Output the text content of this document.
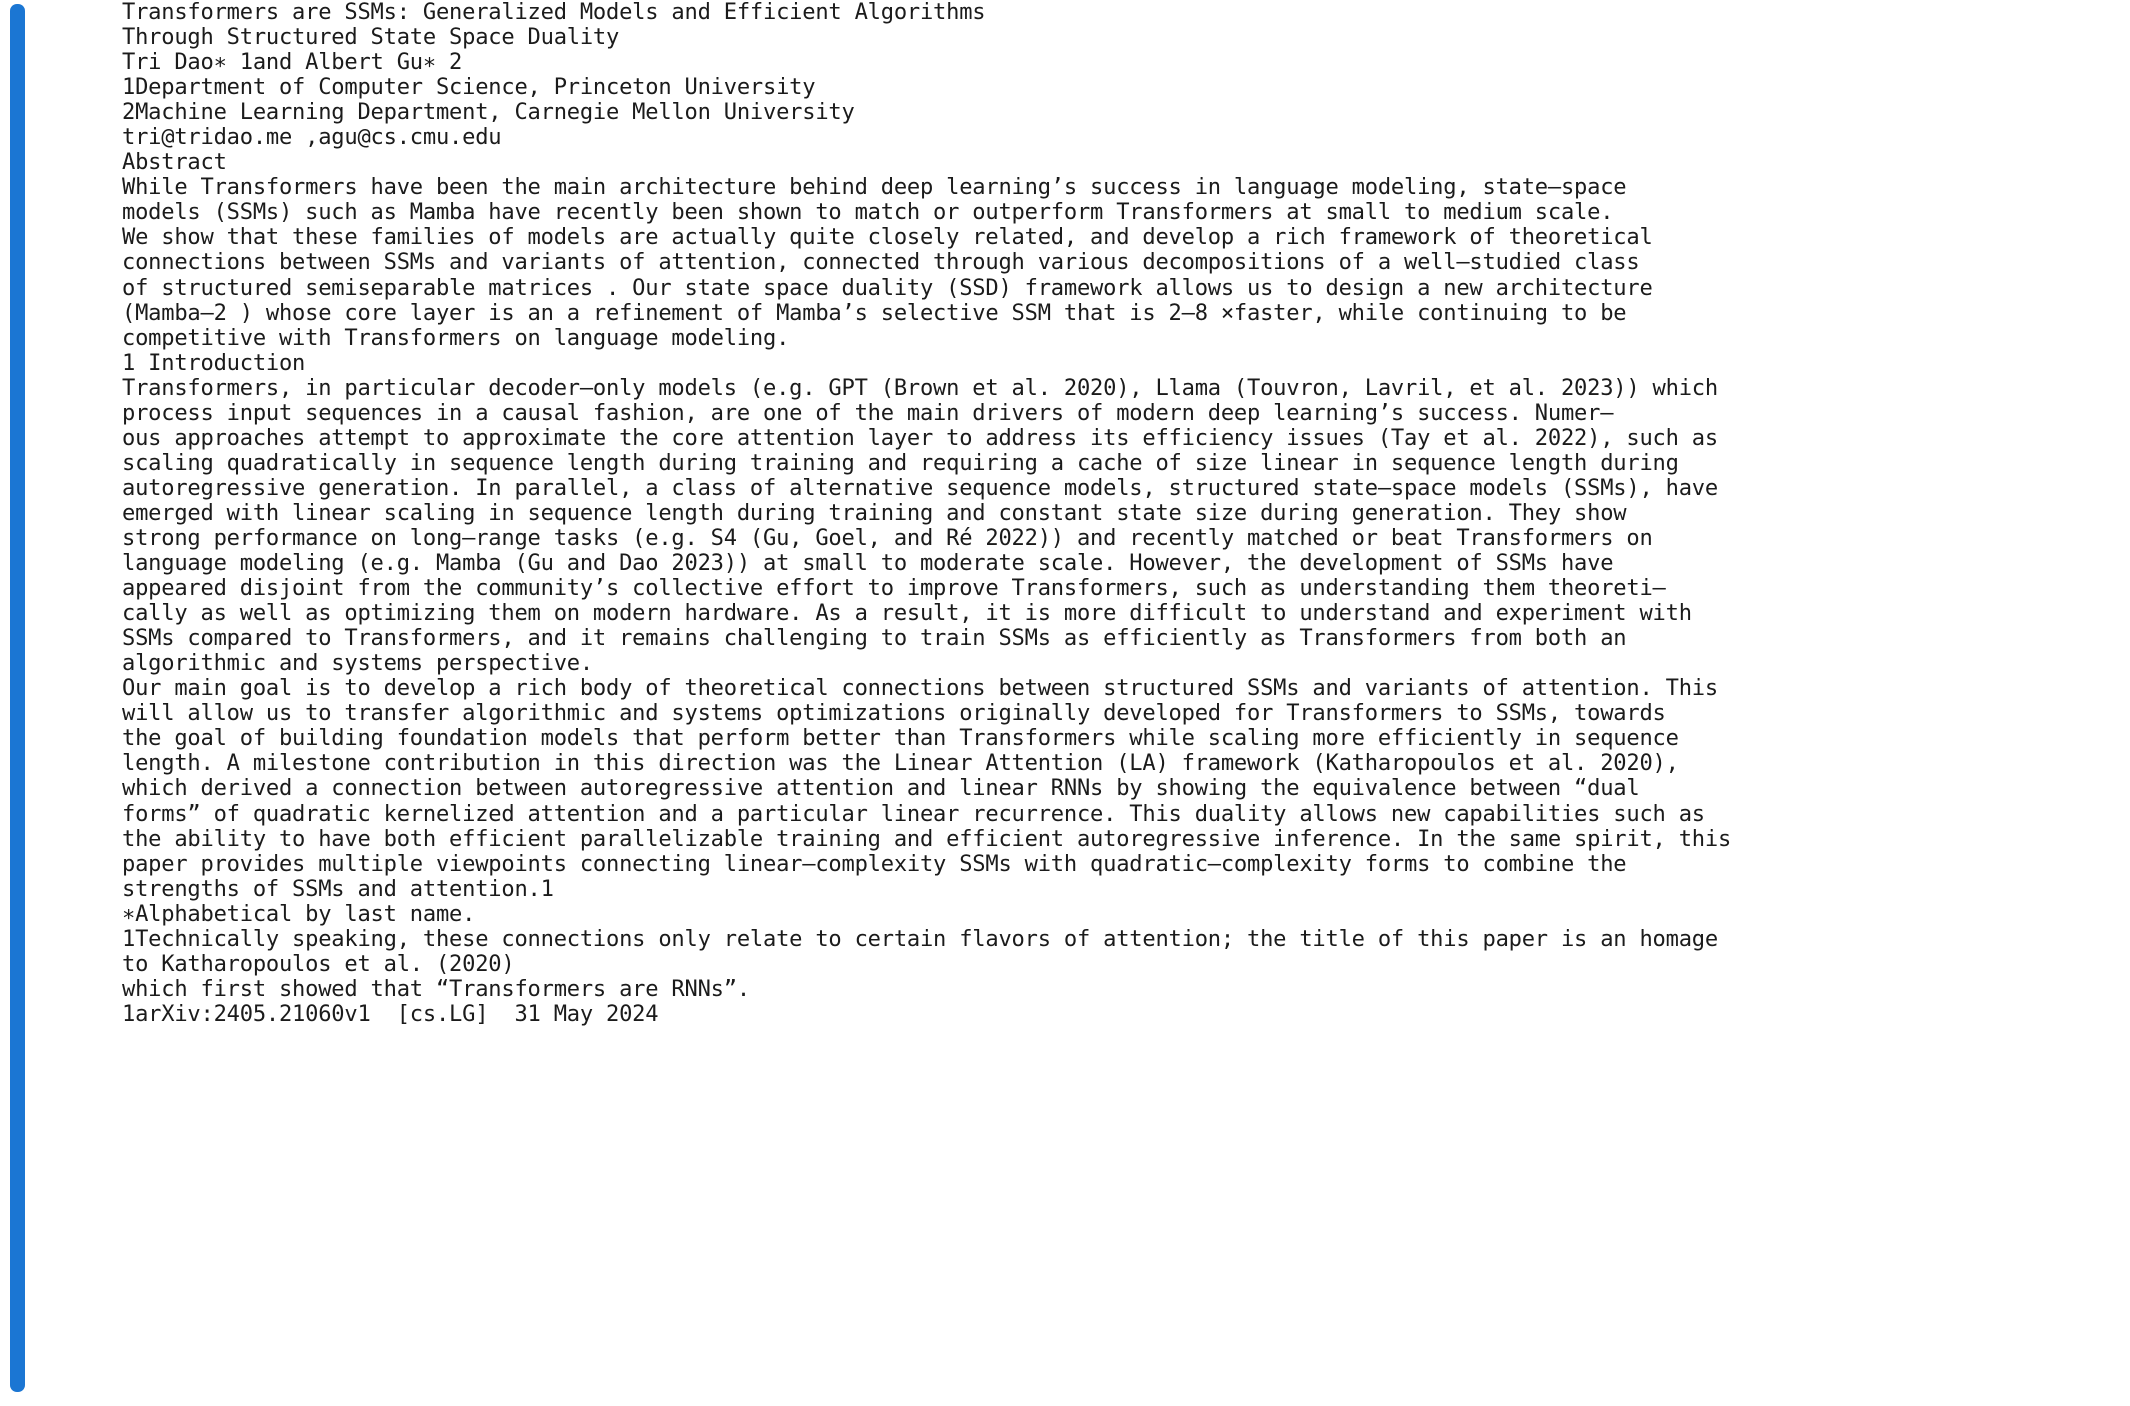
Transformers are SSMs: Generalized Models and Efficient Algorithms
Through Structured State Space Duality
Tri Dao∗ 1and Albert Gu∗ 2
1Department of Computer Science, Princeton University
2Machine Learning Department, Carnegie Mellon University
tri@tridao.me ,agu@cs.cmu.edu
Abstract
While Transformers have been the main architecture behind deep learning’s success in language modeling, state–space
models (SSMs) such as Mamba have recently been shown to match or outperform Transformers at small to medium scale.
We show that these families of models are actually quite closely related, and develop a rich framework of theoretical
connections between SSMs and variants of attention, connected through various decompositions of a well–studied class
of structured semiseparable matrices . Our state space duality (SSD) framework allows us to design a new architecture
(Mamba–2 ) whose core layer is an a refinement of Mamba’s selective SSM that is 2–8 ×faster, while continuing to be
competitive with Transformers on language modeling.
1 Introduction
Transformers, in particular decoder–only models (e.g. GPT (Brown et al. 2020), Llama (Touvron, Lavril, et al. 2023)) which
process input sequences in a causal fashion, are one of the main drivers of modern deep learning’s success. Numer–
ous approaches attempt to approximate the core attention layer to address its efficiency issues (Tay et al. 2022), such as
scaling quadratically in sequence length during training and requiring a cache of size linear in sequence length during
autoregressive generation. In parallel, a class of alternative sequence models, structured state–space models (SSMs), have
emerged with linear scaling in sequence length during training and constant state size during generation. They show
strong performance on long–range tasks (e.g. S4 (Gu, Goel, and Ré 2022)) and recently matched or beat Transformers on
language modeling (e.g. Mamba (Gu and Dao 2023)) at small to moderate scale. However, the development of SSMs have
appeared disjoint from the community’s collective effort to improve Transformers, such as understanding them theoreti–
cally as well as optimizing them on modern hardware. As a result, it is more difficult to understand and experiment with
SSMs compared to Transformers, and it remains challenging to train SSMs as efficiently as Transformers from both an
algorithmic and systems perspective.
Our main goal is to develop a rich body of theoretical connections between structured SSMs and variants of attention. This
will allow us to transfer algorithmic and systems optimizations originally developed for Transformers to SSMs, towards
the goal of building foundation models that perform better than Transformers while scaling more efficiently in sequence
length. A milestone contribution in this direction was the Linear Attention (LA) framework (Katharopoulos et al. 2020),
which derived a connection between autoregressive attention and linear RNNs by showing the equivalence between “dual
forms” of quadratic kernelized attention and a particular linear recurrence. This duality allows new capabilities such as
the ability to have both efficient parallelizable training and efficient autoregressive inference. In the same spirit, this
paper provides multiple viewpoints connecting linear–complexity SSMs with quadratic–complexity forms to combine the
strengths of SSMs and attention.1
∗Alphabetical by last name.
1Technically speaking, these connections only relate to certain flavors of attention; the title of this paper is an homage
to Katharopoulos et al. (2020)
which first showed that “Transformers are RNNs”.
1arXiv:2405.21060v1  [cs.LG]  31 May 2024
